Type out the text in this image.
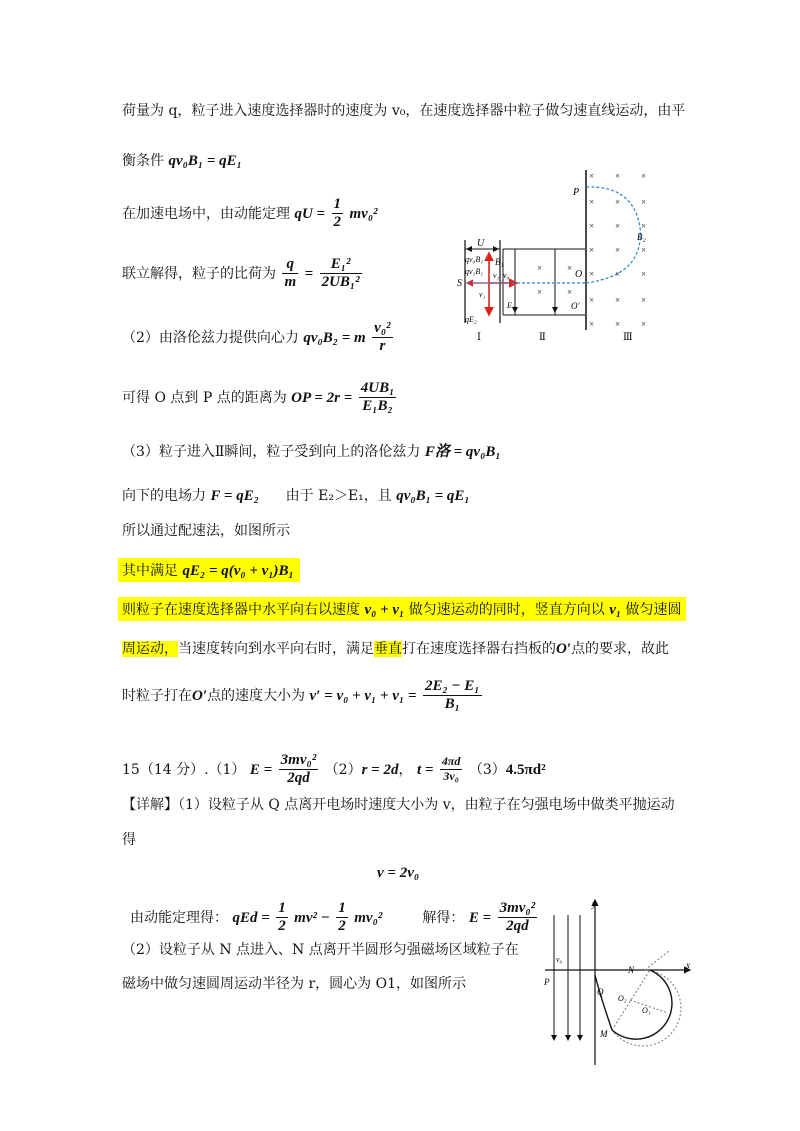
荷量为 q，粒子进入速度选择器时的速度为 v₀，在速度选择器中粒子做匀速直线运动，由平
衡条件 qv₀B₁ = qE₁
在加速电场中，由动能定理 qU = $\frac{1}{2} mv_0^2$
联立解得，粒子的比荷为 $\frac{q}{m} = \frac{\text{E₁²}}{\text{2UB₁²}}$
（2）由洛伦兹力提供向心力 qv₀B₂ = m $\frac{\text{v₀²}}{r}$
可得 O 点到 P 点的距离为 OP = $2r = \frac{\text{4UB₁}}{\text{E₁B₂}}$
（3）粒子进入Ⅱ瞬间，粒子受到向上的洛伦兹力 F洛 = qv₀B₁
向下的电场力 F = qE₂ 由于 E₂＞E₁，且 qv₀B₁ = qE₁
所以通过配速法，如图所示
其中满足 qE₂ = q(v₀ + v₁)B₁
则粒子在速度选择器中水平向右以速度 v₀ + v₁ 做匀速运动的同时，竖直方向以 v₁ 做匀速圆
周运动，当速度转向到水平向右时，满足垂直打在速度选择器右挡板的O′点的要求，故此
时粒子打在O′点的速度大小为 $v' = v_0 + v_1 + v_1 = \frac{\text{2E₂ − E₁}}{\text{B₁}}$
15（14 分）.（1） $E = \frac{\text{3mv₀²}}{2qd} (2)r = 2d$， $t = \frac{4\pi d}{\text{3v₀}} (3)4.5\pi d^2$
【详解】（1）设粒子从 Q 点离开电场时速度大小为 v，由粒子在匀强电场中做类平抛运动
得
v = 2v₀
由动能定理得： qEd = $\frac{1}{2} mv^2 - \frac{1}{2} mv_0^2$	解得： $E = \frac{\text{3mv₀²}}{2qd}$
（2）设粒子从 N 点进入、N 点离开半圆形匀强磁场区域粒子在
磁场中做匀速圆周运动半径为 r，圆心为 O1，如图所示
U
P
B₂
qv₀B₁
qv₁B₁
B₁
v₁ v₀
S
v₁
E₁
qE₂
O
O′
Ⅰ	Ⅱ	Ⅲ
× × ×
× × ×
× × ×
× × ×
× × ×
× × ×
× × ×
×	×
×	×
y
x
v₀
P
N
Q
O₂
O₁
M
